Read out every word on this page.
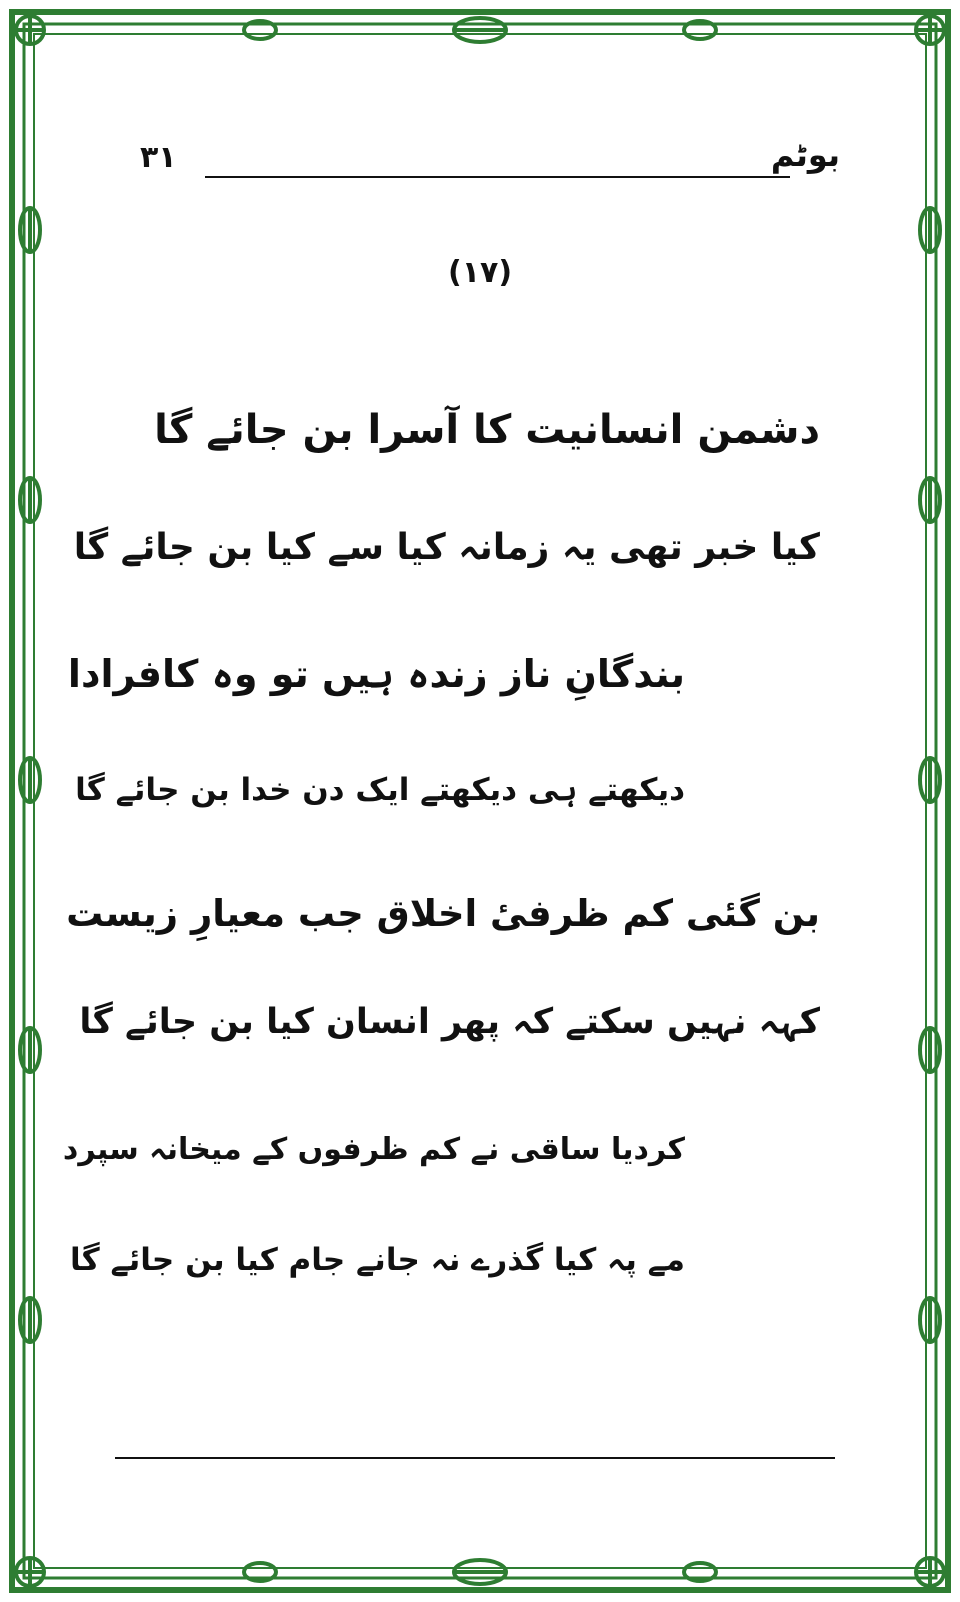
۳۱	بوٹم
(۱۷)
دشمن انسانیت کا آسرا بن جائے گا
کیا خبر تھی یہ زمانہ کیا سے کیا بن جائے گا
بندگانِ ناز زندہ ہیں تو وہ کافرادا
دیکھتے ہی دیکھتے ایک دن خدا بن جائے گا
بن گئی کم ظرفیٔ اخلاق جب معیارِ زیست
کہہ نہیں سکتے کہ پھر انسان کیا بن جائے گا
کردیا ساقی نے کم ظرفوں کے میخانہ سپرد
مے پہ کیا گذرے نہ جانے جام کیا بن جائے گا
